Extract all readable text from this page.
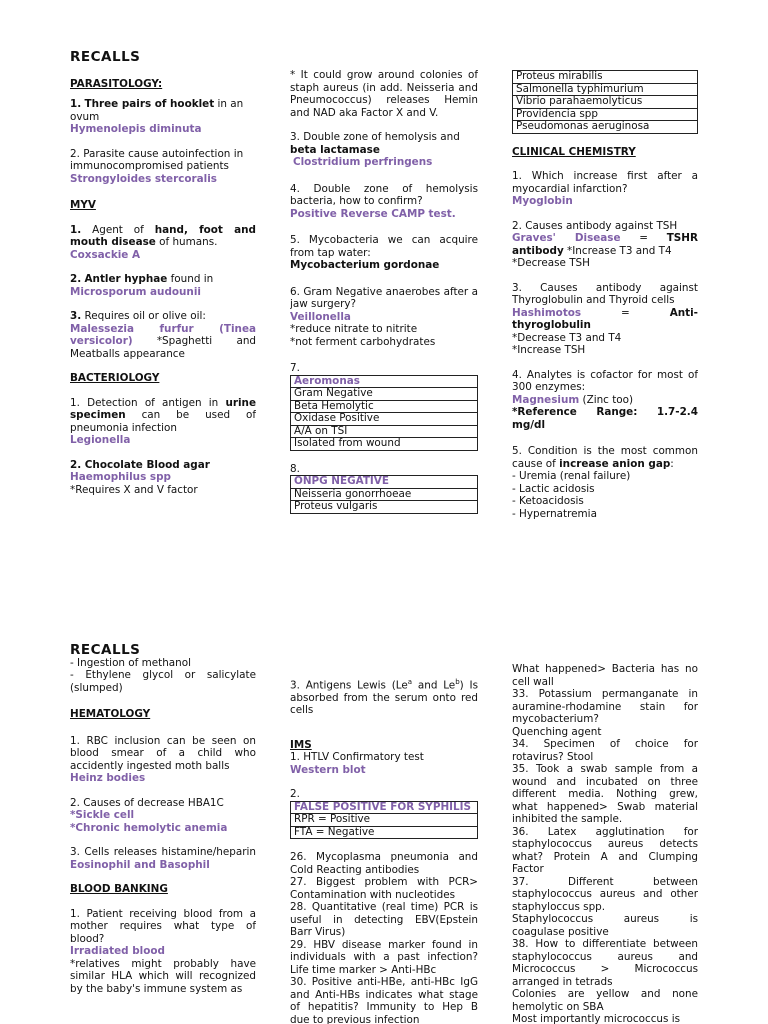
RECALLS

PARASITOLOGY:

1. Three pairs of hooklet in an ovum

Hymenolepis diminuta

2. Parasite cause autoinfection in immunocompromised patients

Strongyloides stercoralis

MYV

1. Agent of hand, foot and mouth disease of humans.

Coxsackie A

2. Antler hyphae found in

Microsporum audounii

3. Requires oil or olive oil:

Malessezia furfur (Tinea versicolor) *Spaghetti and Meatballs appearance

BACTERIOLOGY

1. Detection of antigen in urine specimen can be used of pneumonia infection

Legionella

2. Chocolate Blood agar

Haemophilus spp

*Requires X and V factor

* It could grow around colonies of staph aureus (in add. Neisseria and Pneumococcus) releases Hemin and NAD aka Factor X and V.

3. Double zone of hemolysis and beta lactamase

Clostridium perfringens

4. Double zone of hemolysis bacteria, how to confirm?

Positive Reverse CAMP test.

5. Mycobacteria we can acquire from tap water:

Mycobacterium gordonae

6. Gram Negative anaerobes after a jaw surgery?

Veillonella

*reduce nitrate to nitrite

*not ferment carbohydrates

7.

Aeromonas
Gram Negative
Beta Hemolytic
Oxidase Positive
A/A on TSI
Isolated from wound

8.

ONPG NEGATIVE
Neisseria gonorrhoeae
Proteus vulgaris
Proteus mirabilis
Salmonella typhimurium
Vibrio parahaemolyticus
Providencia spp
Pseudomonas aeruginosa

CLINICAL CHEMISTRY

1. Which increase first after a myocardial infarction?

Myoglobin

2. Causes antibody against TSH

Graves' Disease = TSHR antibody *Increase T3 and T4

*Decrease TSH

3. Causes antibody against Thyroglobulin and Thyroid cells

Hashimotos	=	Anti-thyroglobulin

*Decrease T3 and T4

*Increase TSH

4. Analytes is cofactor for most of 300 enzymes:

Magnesium (Zinc too)

*Reference Range: 1.7-2.4 mg/dl

5. Condition is the most common cause of increase anion gap:

- Uremia (renal failure)
- Lactic acidosis
- Ketoacidosis
- Hypernatremia

RECALLS

- Ingestion of methanol

- Ethylene glycol or salicylate (slumped)

HEMATOLOGY

1. RBC inclusion can be seen on blood smear of a child who accidently ingested moth balls

Heinz bodies

2. Causes of decrease HBA1C

*Sickle cell

*Chronic hemolytic anemia

3. Cells releases histamine/heparin Eosinophil and Basophil

BLOOD BANKING

1. Patient receiving blood from a mother requires what type of blood?

Irradiated blood

*relatives might probably have similar HLA which will recognized by the baby's immune system as

3. Antigens Lewis (Le$^a$ and Le$^b$) Is absorbed from the serum onto red cells

IMS

1. HTLV Confirmatory test

Western blot

2.

FALSE POSITIVE FOR SYPHILIS
RPR = Positive
FTA = Negative

26. Mycoplasma pneumonia and Cold Reacting antibodies

27. Biggest problem with PCR> Contamination with nucleotides

28. Quantitative (real time) PCR is useful in detecting EBV(Epstein Barr Virus)

29. HBV disease marker found in individuals with a past infection? Life time marker > Anti-HBc

30. Positive anti-HBe, anti-HBc IgG and Anti-HBs indicates what stage of hepatitis? Immunity to Hep B due to previous infection

What happened> Bacteria has no cell wall

33. Potassium permanganate in auramine-rhodamine stain for mycobacterium?

Quenching agent

34. Specimen of choice for rotavirus? Stool

35. Took a swab sample from a wound and incubated on three different media. Nothing grew, what happened> Swab material inhibited the sample.

36. Latex agglutination for staphylococcus aureus detects what? Protein A and Clumping Factor

37. Different between staphylococcus aureus and other staphyloccus spp.

Staphylococcus aureus is coagulase positive

38. How to differentiate between staphylococcus aureus and Micrococcus > Micrococcus arranged in tetrads

Colonies are yellow and none hemolytic on SBA

Most importantly micrococcus is
